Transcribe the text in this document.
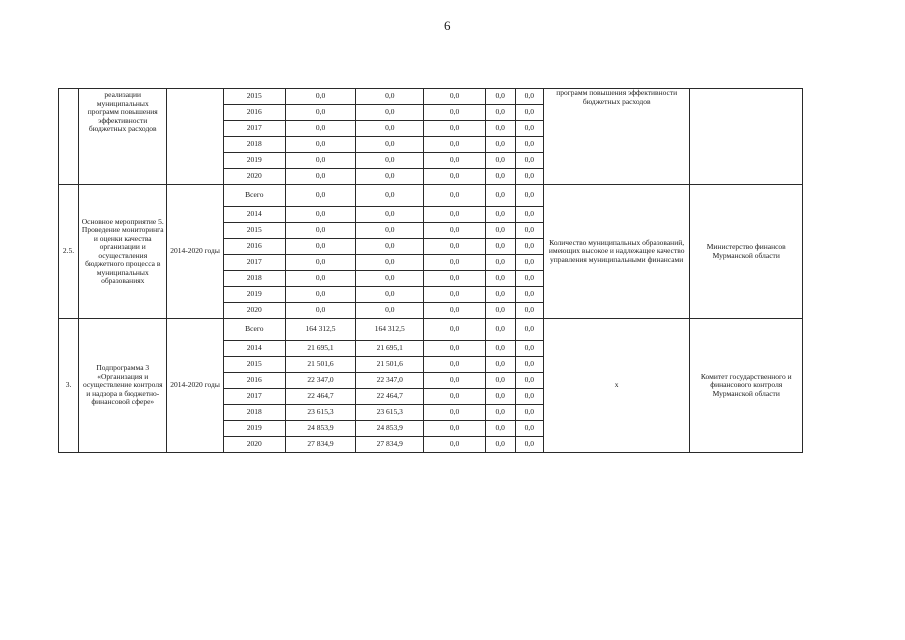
6
	реализации муниципальных программ повышения эффективности бюджетных расходов		2015	0,0	0,0	0,0	0,0	0,0	программ повышения эффективности бюджетных расходов	
			2016	0,0	0,0	0,0	0,0	0,0		
			2017	0,0	0,0	0,0	0,0	0,0		
			2018	0,0	0,0	0,0	0,0	0,0		
			2019	0,0	0,0	0,0	0,0	0,0		
			2020	0,0	0,0	0,0	0,0	0,0		
2.5.	Основное мероприятие 5. Проведение мониторинга и оценки качества организации и осуществления бюджетного процесса в муниципальных образованиях	2014-2020 годы	Всего	0,0	0,0	0,0	0,0	0,0	Количество муниципальных образований, имеющих высокое и надлежащее качество управления муниципальными финансами	Министерство финансов Мурманской области
			2014	0,0	0,0	0,0	0,0	0,0		
			2015	0,0	0,0	0,0	0,0	0,0		
			2016	0,0	0,0	0,0	0,0	0,0		
			2017	0,0	0,0	0,0	0,0	0,0		
			2018	0,0	0,0	0,0	0,0	0,0		
			2019	0,0	0,0	0,0	0,0	0,0		
			2020	0,0	0,0	0,0	0,0	0,0		
3.	Подпрограмма 3 «Организация и осуществление контроля и надзора в бюджетно-финансовой сфере»	2014-2020 годы	Всего	164 312,5	164 312,5	0,0	0,0	0,0	х	Комитет государственного и финансового контроля Мурманской области
			2014	21 695,1	21 695,1	0,0	0,0	0,0		
			2015	21 501,6	21 501,6	0,0	0,0	0,0		
			2016	22 347,0	22 347,0	0,0	0,0	0,0		
			2017	22 464,7	22 464,7	0,0	0,0	0,0		
			2018	23 615,3	23 615,3	0,0	0,0	0,0		
			2019	24 853,9	24 853,9	0,0	0,0	0,0		
			2020	27 834,9	27 834,9	0,0	0,0	0,0		
